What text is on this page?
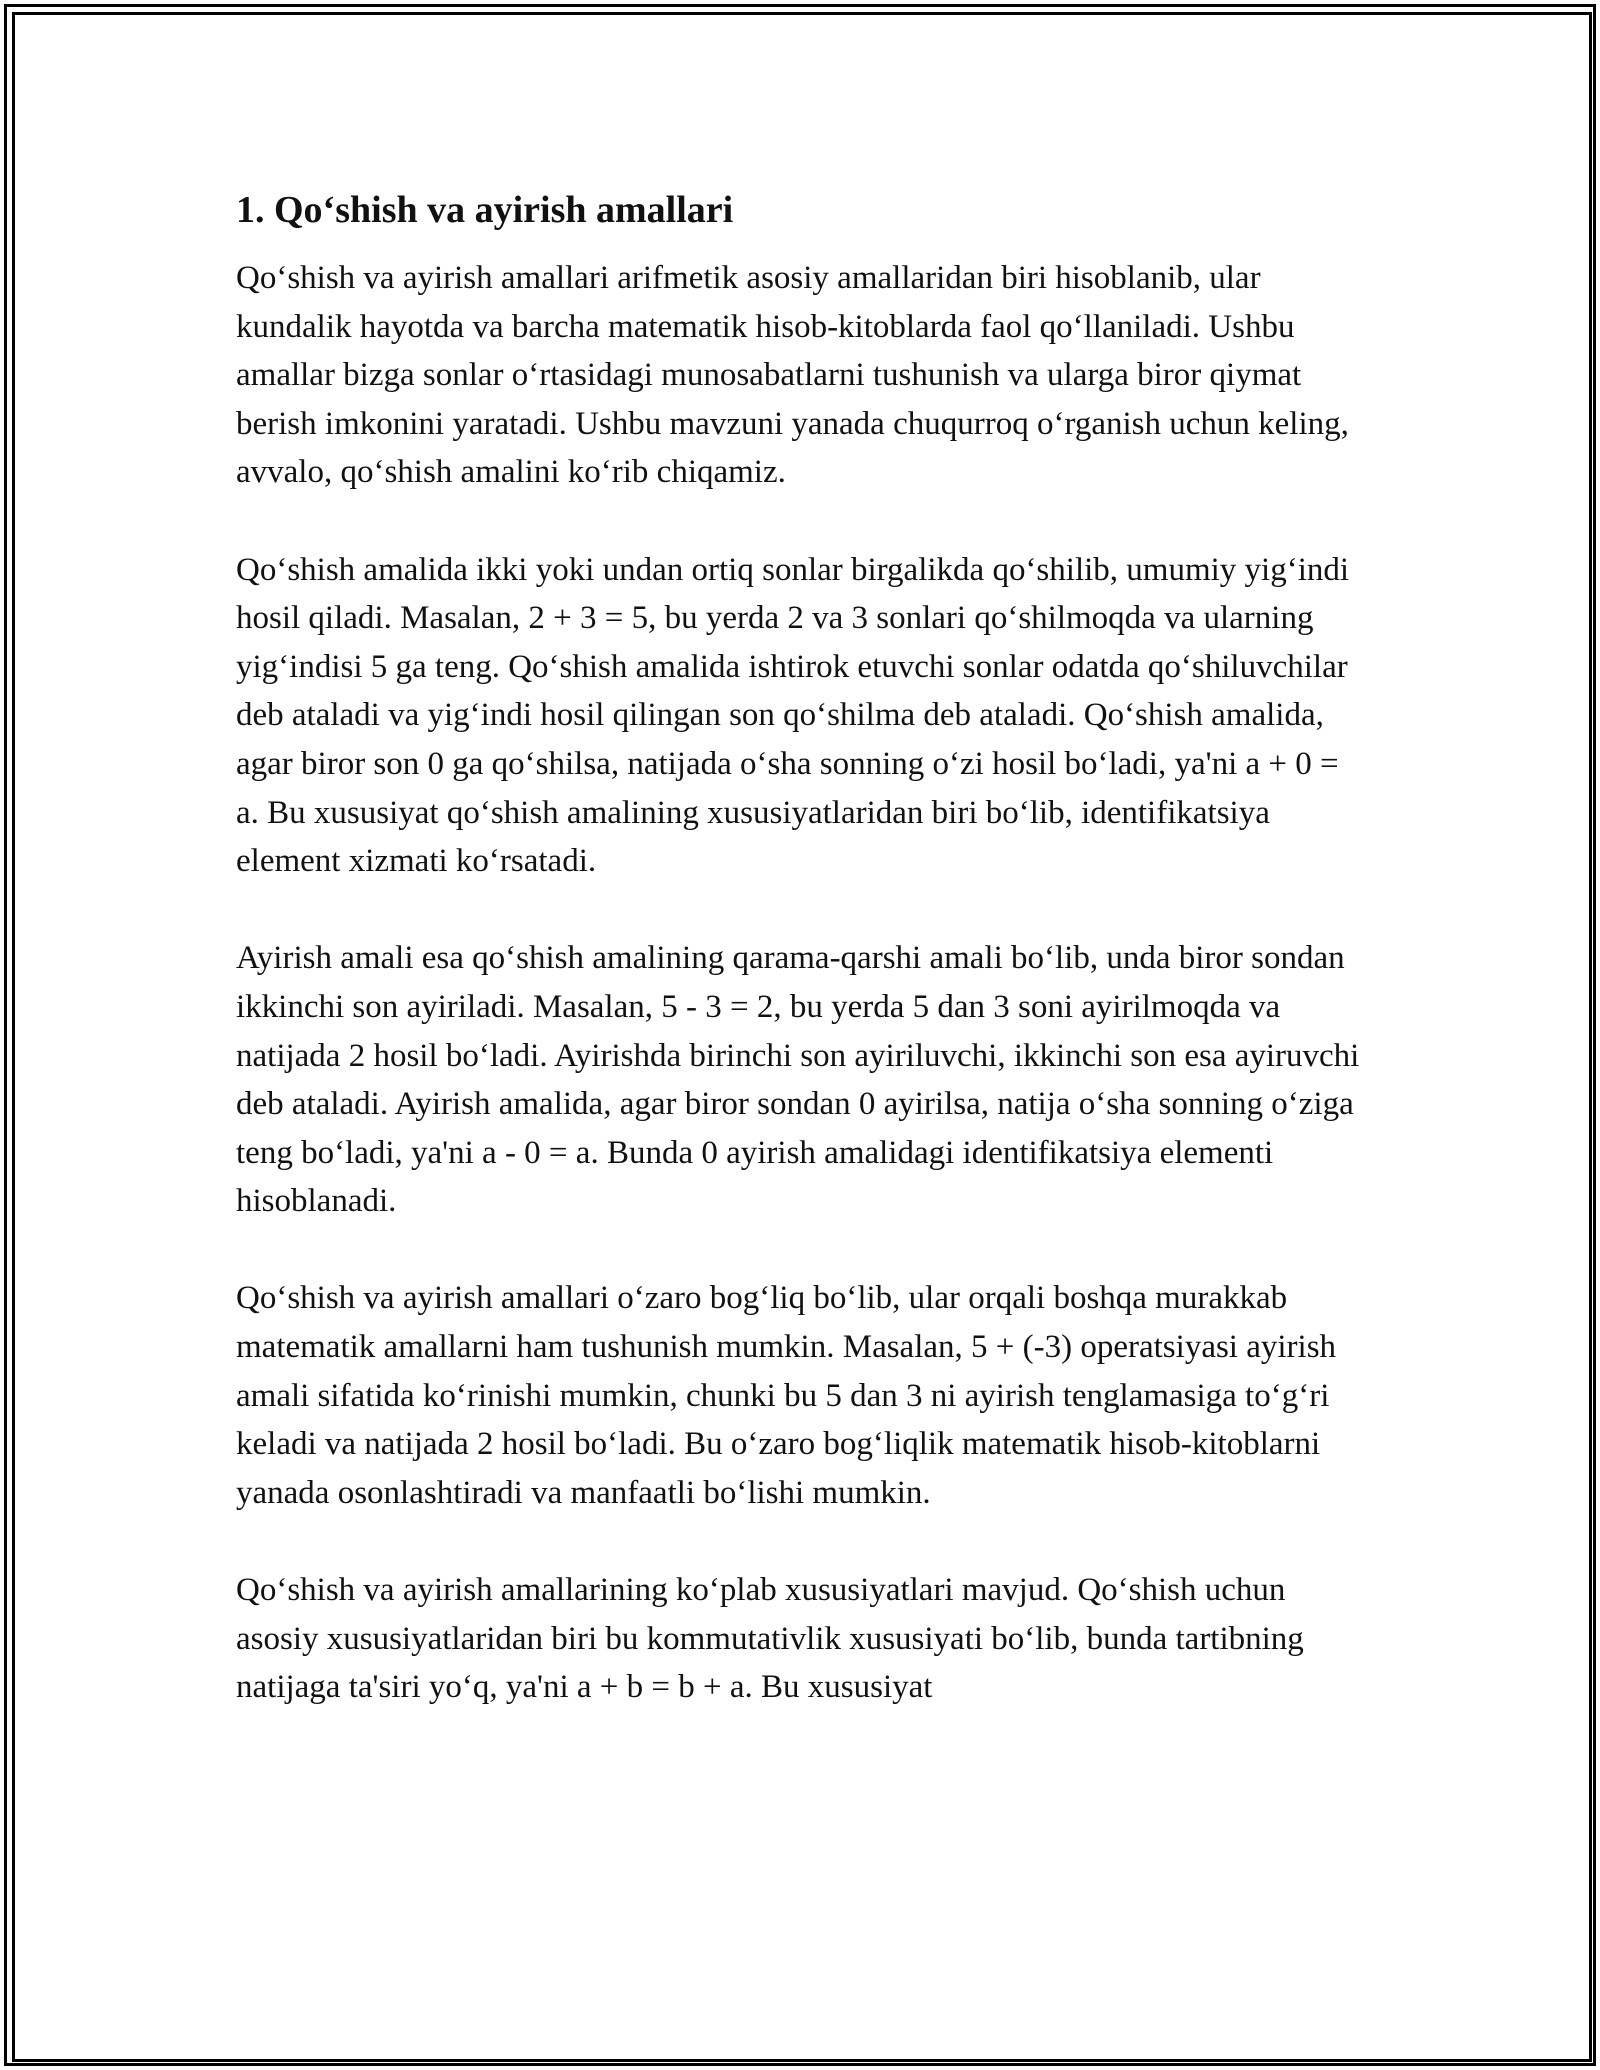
1. Qo‘shish va ayirish amallari

Qo‘shish va ayirish amallari arifmetik asosiy amallaridan biri hisoblanib, ular kundalik hayotda va barcha matematik hisob-kitoblarda faol qo‘llaniladi. Ushbu amallar bizga sonlar o‘rtasidagi munosabatlarni tushunish va ularga biror qiymat berish imkonini yaratadi. Ushbu mavzuni yanada chuqurroq o‘rganish uchun keling, avvalo, qo‘shish amalini ko‘rib chiqamiz.

Qo‘shish amalida ikki yoki undan ortiq sonlar birgalikda qo‘shilib, umumiy yig‘indi hosil qiladi. Masalan, 2 + 3 = 5, bu yerda 2 va 3 sonlari qo‘shilmoqda va ularning yig‘indisi 5 ga teng. Qo‘shish amalida ishtirok etuvchi sonlar odatda qo‘shiluvchilar deb ataladi va yig‘indi hosil qilingan son qo‘shilma deb ataladi. Qo‘shish amalida, agar biror son 0 ga qo‘shilsa, natijada o‘sha sonning o‘zi hosil bo‘ladi, ya'ni a + 0 = a. Bu xususiyat qo‘shish amalining xususiyatlaridan biri bo‘lib, identifikatsiya element xizmati ko‘rsatadi.

Ayirish amali esa qo‘shish amalining qarama-qarshi amali bo‘lib, unda biror sondan ikkinchi son ayiriladi. Masalan, 5 - 3 = 2, bu yerda 5 dan 3 soni ayirilmoqda va natijada 2 hosil bo‘ladi. Ayirishda birinchi son ayiriluvchi, ikkinchi son esa ayiruvchi deb ataladi. Ayirish amalida, agar biror sondan 0 ayirilsa, natija o‘sha sonning o‘ziga teng bo‘ladi, ya'ni a - 0 = a. Bunda 0 ayirish amalidagi identifikatsiya elementi hisoblanadi.

Qo‘shish va ayirish amallari o‘zaro bog‘liq bo‘lib, ular orqali boshqa murakkab matematik amallarni ham tushunish mumkin. Masalan, 5 + (-3) operatsiyasi ayirish amali sifatida ko‘rinishi mumkin, chunki bu 5 dan 3 ni ayirish tenglamasiga to‘g‘ri keladi va natijada 2 hosil bo‘ladi. Bu o‘zaro bog‘liqlik matematik hisob-kitoblarni yanada osonlashtiradi va manfaatli bo‘lishi mumkin.

Qo‘shish va ayirish amallarining ko‘plab xususiyatlari mavjud. Qo‘shish uchun asosiy xususiyatlaridan biri bu kommutativlik xususiyati bo‘lib, bunda tartibning natijaga ta'siri yo‘q, ya'ni a + b = b + a. Bu xususiyat
